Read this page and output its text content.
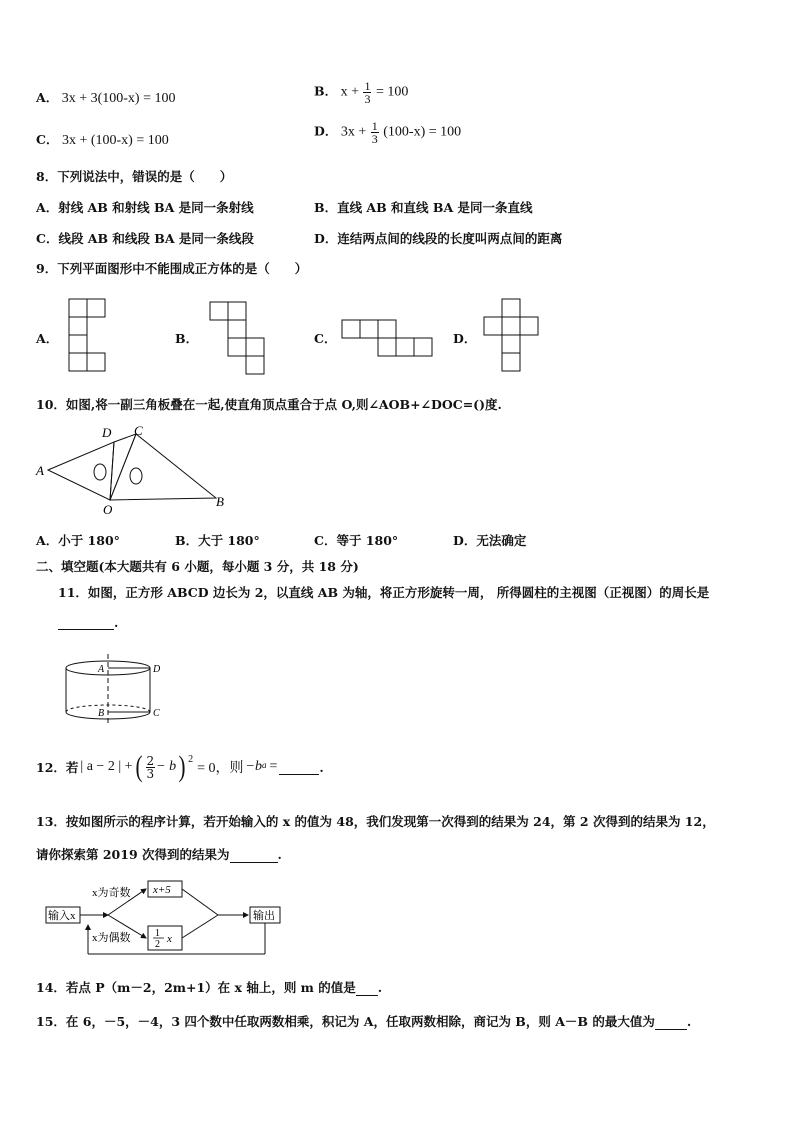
A． 3x + 3(100-x) = 100	B． $x + \frac{1}{3} = 100$
C． 3x + (100-x) = 100
D． $3x + \frac{1}{3} (100-x) = 100$
8．下列说法中，错误的是（　　）
A．射线 AB 和射线 BA 是同一条射线	B．直线 AB 和直线 BA 是同一条直线
C．线段 AB 和线段 BA 是同一条线段	D．连结两点间的线段的长度叫两点间的距离
9．下列平面图形中不能围成正方体的是（　　）
A．	B．	C．	D．
10．如图,将一副三角板叠在一起,使直角顶点重合于点 O,则∠AOB+∠DOC=()度.
D C
A
O
B
A．小于 180°	B．大于 180°	C．等于 180°	D．无法确定
二、填空题(本大题共有 6 小题，每小题 3 分，共 18 分)
11．如图，正方形 ABCD 边长为 2，以直线 AB 为轴，将正方形旋转一周， 所得圆柱的主视图（正视图）的周长是
.
A	D
B	C
12．若 | a − 2 | + ( $\frac{2}{3} - b$ ) 2
= 0，则 −b a =	.
13．按如图所示的程序计算，若开始输入的 x 的值为 48，我们发现第一次得到的结果为 24，第 2 次得到的结果为 12，
请你探索第 2019 次得到的结果为	.
输入x
x为奇数
x为偶数
x+5
1
2 x
输出
14．若点 P（m－2，2m+1）在 x 轴上，则 m 的值是 .
15．在 6，－5，－4，3 四个数中任取两数相乘，积记为 A，任取两数相除，商记为 B，则 A－B 的最大值为	.
